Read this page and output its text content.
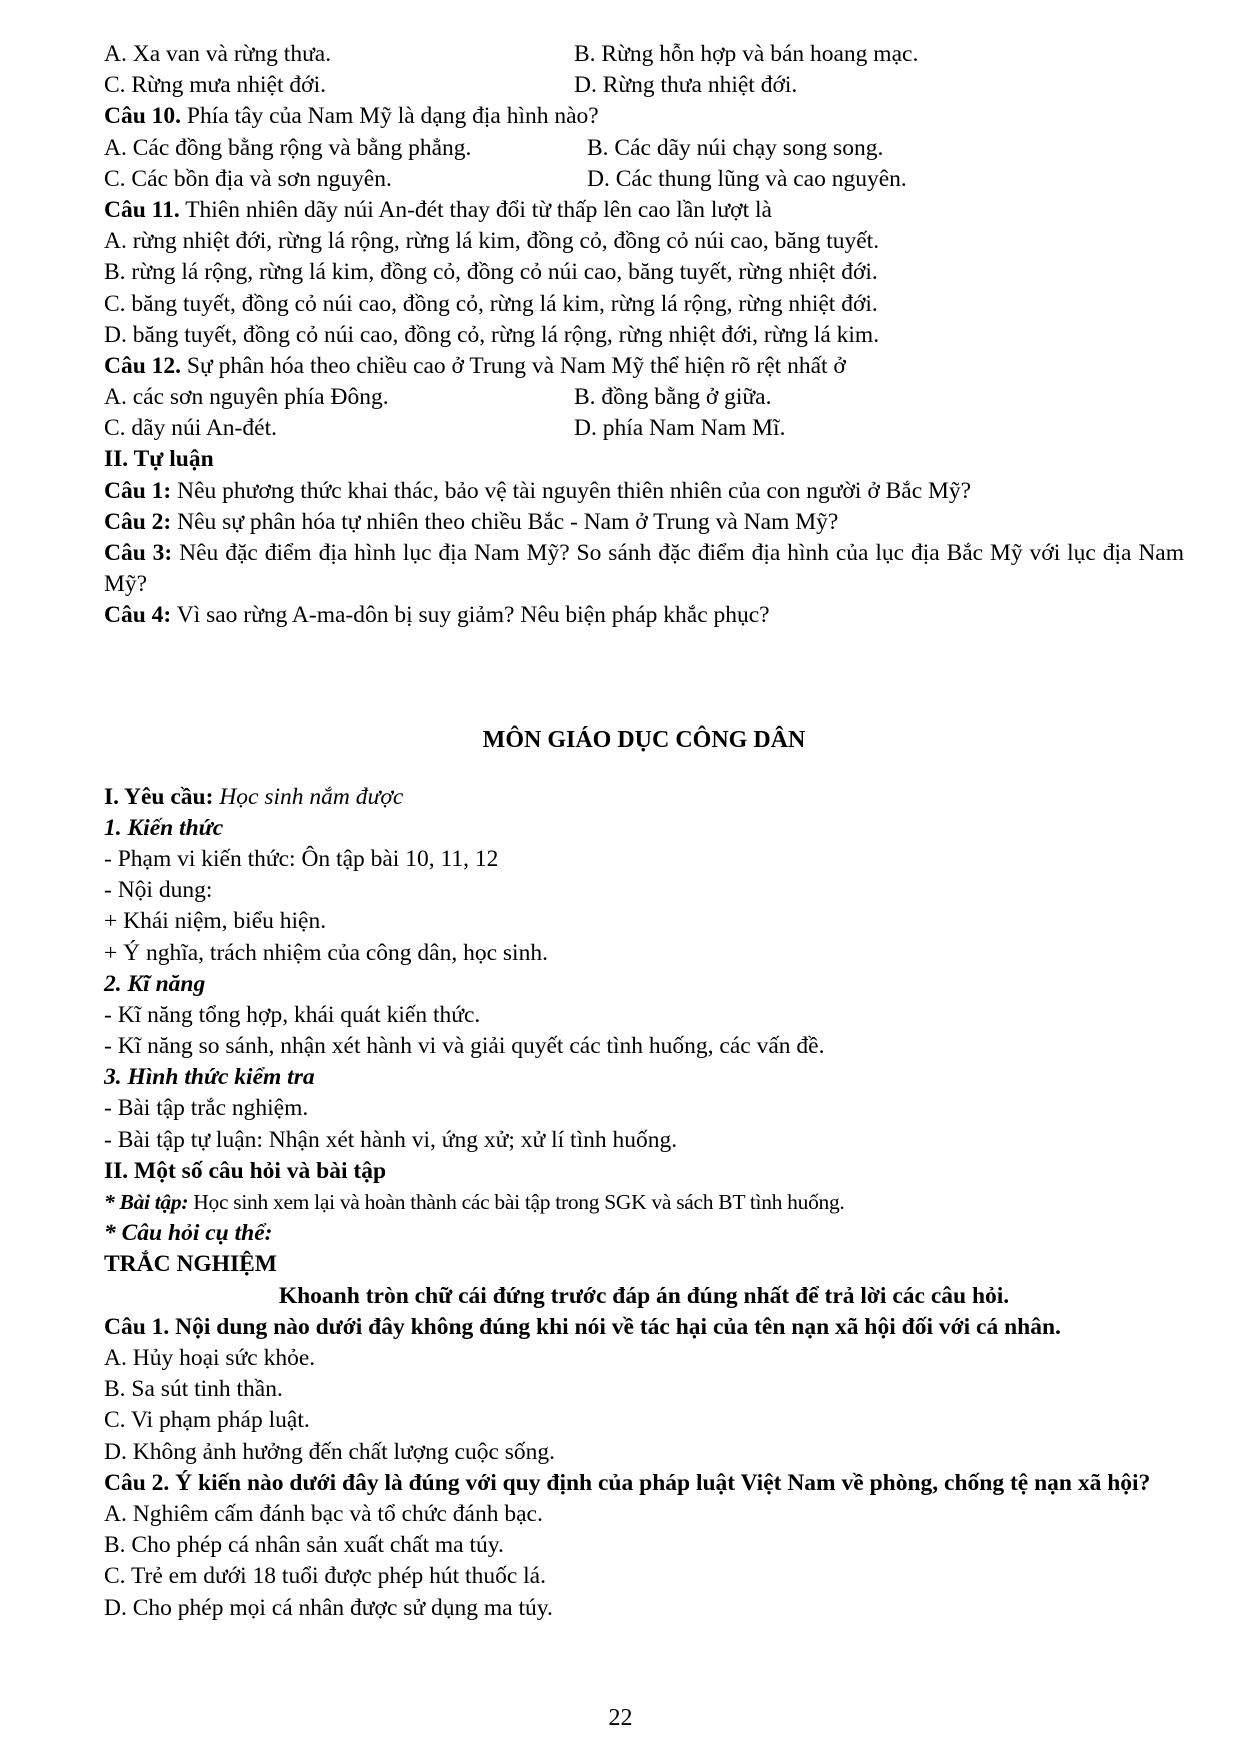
A. Xa van và rừng thưa.	B. Rừng hỗn hợp và bán hoang mạc.
C. Rừng mưa nhiệt đới.	D. Rừng thưa nhiệt đới.
Câu 10. Phía tây của Nam Mỹ là dạng địa hình nào?
A. Các đồng bằng rộng và bằng phẳng.	B. Các dãy núi chạy song song.
C. Các bồn địa và sơn nguyên.	D. Các thung lũng và cao nguyên.
Câu 11. Thiên nhiên dãy núi An-đét thay đổi từ thấp lên cao lần lượt là
A. rừng nhiệt đới, rừng lá rộng, rừng lá kim, đồng cỏ, đồng cỏ núi cao, băng tuyết.
B. rừng lá rộng, rừng lá kim, đồng cỏ, đồng cỏ núi cao, băng tuyết, rừng nhiệt đới.
C. băng tuyết, đồng cỏ núi cao, đồng cỏ, rừng lá kim, rừng lá rộng, rừng nhiệt đới.
D. băng tuyết, đồng cỏ núi cao, đồng cỏ, rừng lá rộng, rừng nhiệt đới, rừng lá kim.
Câu 12. Sự phân hóa theo chiều cao ở Trung và Nam Mỹ thể hiện rõ rệt nhất ở
A. các sơn nguyên phía Đông.	B. đồng bằng ở giữa.
C. dãy núi An-đét.	D. phía Nam Nam Mĩ.
II. Tự luận
Câu 1: Nêu phương thức khai thác, bảo vệ tài nguyên thiên nhiên của con người ở Bắc Mỹ?
Câu 2: Nêu sự phân hóa tự nhiên theo chiều Bắc - Nam ở Trung và Nam Mỹ?
Câu 3: Nêu đặc điểm địa hình lục địa Nam Mỹ? So sánh đặc điểm địa hình của lục địa Bắc Mỹ với lục địa Nam Mỹ?
Câu 4: Vì sao rừng A-ma-dôn bị suy giảm? Nêu biện pháp khắc phục?
MÔN GIÁO DỤC CÔNG DÂN
I. Yêu cầu: Học sinh nắm được
1. Kiến thức
- Phạm vi kiến thức: Ôn tập bài 10, 11, 12
- Nội dung:
+ Khái niệm, biểu hiện.
+ Ý nghĩa, trách nhiệm của công dân, học sinh.
2. Kĩ năng
- Kĩ năng tổng hợp, khái quát kiến thức.
- Kĩ năng so sánh, nhận xét hành vi và giải quyết các tình huống, các vấn đề.
3. Hình thức kiểm tra
- Bài tập trắc nghiệm.
- Bài tập tự luận: Nhận xét hành vi, ứng xử; xử lí tình huống.
II. Một số câu hỏi và bài tập
* Bài tập: Học sinh xem lại và hoàn thành các bài tập trong SGK và sách BT tình huống.
* Câu hỏi cụ thể:
TRẮC NGHIỆM
Khoanh tròn chữ cái đứng trước đáp án đúng nhất để trả lời các câu hỏi.
Câu 1. Nội dung nào dưới đây không đúng khi nói về tác hại của tên nạn xã hội đối với cá nhân.
A. Hủy hoại sức khỏe.
B. Sa sút tinh thần.
C. Vi phạm pháp luật.
D. Không ảnh hưởng đến chất lượng cuộc sống.
Câu 2. Ý kiến nào dưới đây là đúng với quy định của pháp luật Việt Nam về phòng, chống tệ nạn xã hội?
A. Nghiêm cấm đánh bạc và tổ chức đánh bạc.
B. Cho phép cá nhân sản xuất chất ma túy.
C. Trẻ em dưới 18 tuổi được phép hút thuốc lá.
D. Cho phép mọi cá nhân được sử dụng ma túy.
22
